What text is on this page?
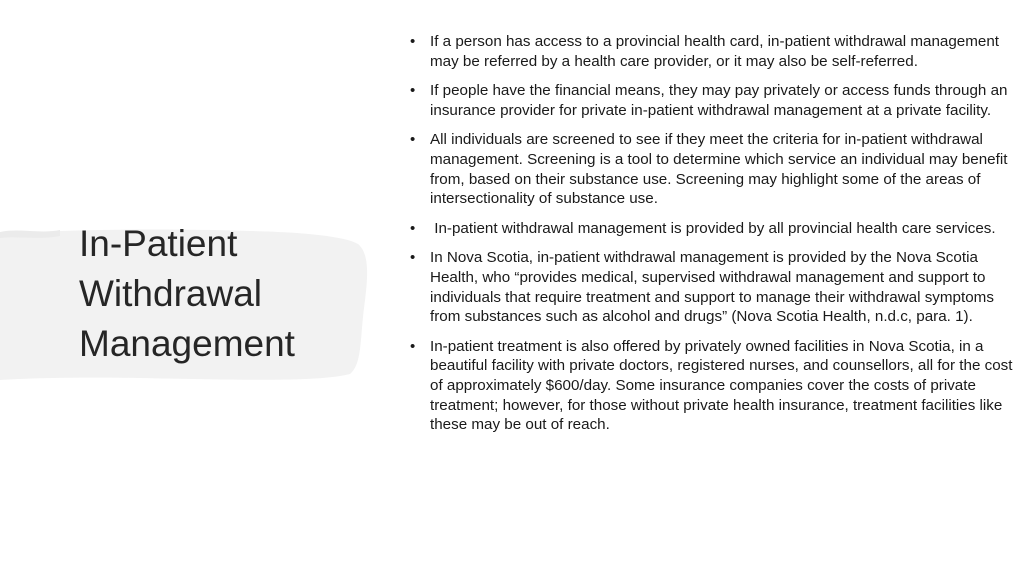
In-Patient
Withdrawal
Management
• If a person has access to a provincial health card, in-patient withdrawal management may be referred by a health care provider, or it may also be self-referred.
• If people have the financial means, they may pay privately or access funds through an insurance provider for private in-patient withdrawal management at a private facility.
• All individuals are screened to see if they meet the criteria for in-patient withdrawal management. Screening is a tool to determine which service an individual may benefit from, based on their substance use. Screening may highlight some of the areas of intersectionality of substance use.
• In-patient withdrawal management is provided by all provincial health care services.
• In Nova Scotia, in-patient withdrawal management is provided by the Nova Scotia Health, who “provides medical, supervised withdrawal management and support to individuals that require treatment and support to manage their withdrawal symptoms from substances such as alcohol and drugs” (Nova Scotia Health, n.d.c, para. 1).
• In-patient treatment is also offered by privately owned facilities in Nova Scotia, in a beautiful facility with private doctors, registered nurses, and counsellors, all for the cost of approximately $600/day. Some insurance companies cover the costs of private treatment; however, for those without private health insurance, treatment facilities like these may be out of reach.
